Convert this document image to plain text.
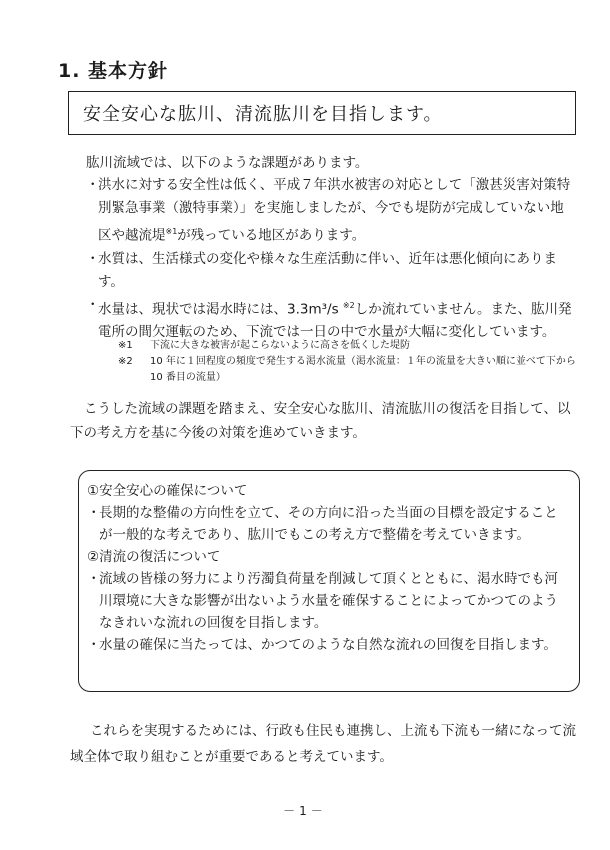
1. 基本方針
安全安心な肱川、清流肱川を目指します。
肱川流域では、以下のような課題があります。
・
洪水に対する安全性は低く、平成７年洪水被害の対応として「激甚災害対策特別緊急事業（激特事業）」を実施しましたが、今でも堤防が完成していない地区や越流堤$^{※1}$が残っている地区があります。
・
水質は、生活様式の変化や様々な生産活動に伴い、近年は悪化傾向にあります。
・
水量は、現状では渇水時には、3.3m³/s $^{※2}$しか流れていません。また、肱川発電所の間欠運転のため、下流では一日の中で水量が大幅に変化しています。
※1 下流に大きな被害が起こらないように高さを低くした堤防
※2 10 年に１回程度の頻度で発生する渇水流量（渇水流量：１年の流量を大きい順に並べて下から 10 番目の流量）

こうした流域の課題を踏まえ、安全安心な肱川、清流肱川の復活を目指して、以下の考え方を基に今後の対策を進めていきます。

①安全安心の確保について

・
長期的な整備の方向性を立て、その方向に沿った当面の目標を設定することが一般的な考えであり、肱川でもこの考え方で整備を考えていきます。

②清流の復活について

・
流域の皆様の努力により汚濁負荷量を削減して頂くとともに、渇水時でも河川環境に大きな影響が出ないよう水量を確保することによってかつてのようなきれいな流れの回復を目指します。
・
水量の確保に当たっては、かつてのような自然な流れの回復を目指します。

これらを実現するためには、行政も住民も連携し、上流も下流も一緒になって流域全体で取り組むことが重要であると考えています。

－1－
